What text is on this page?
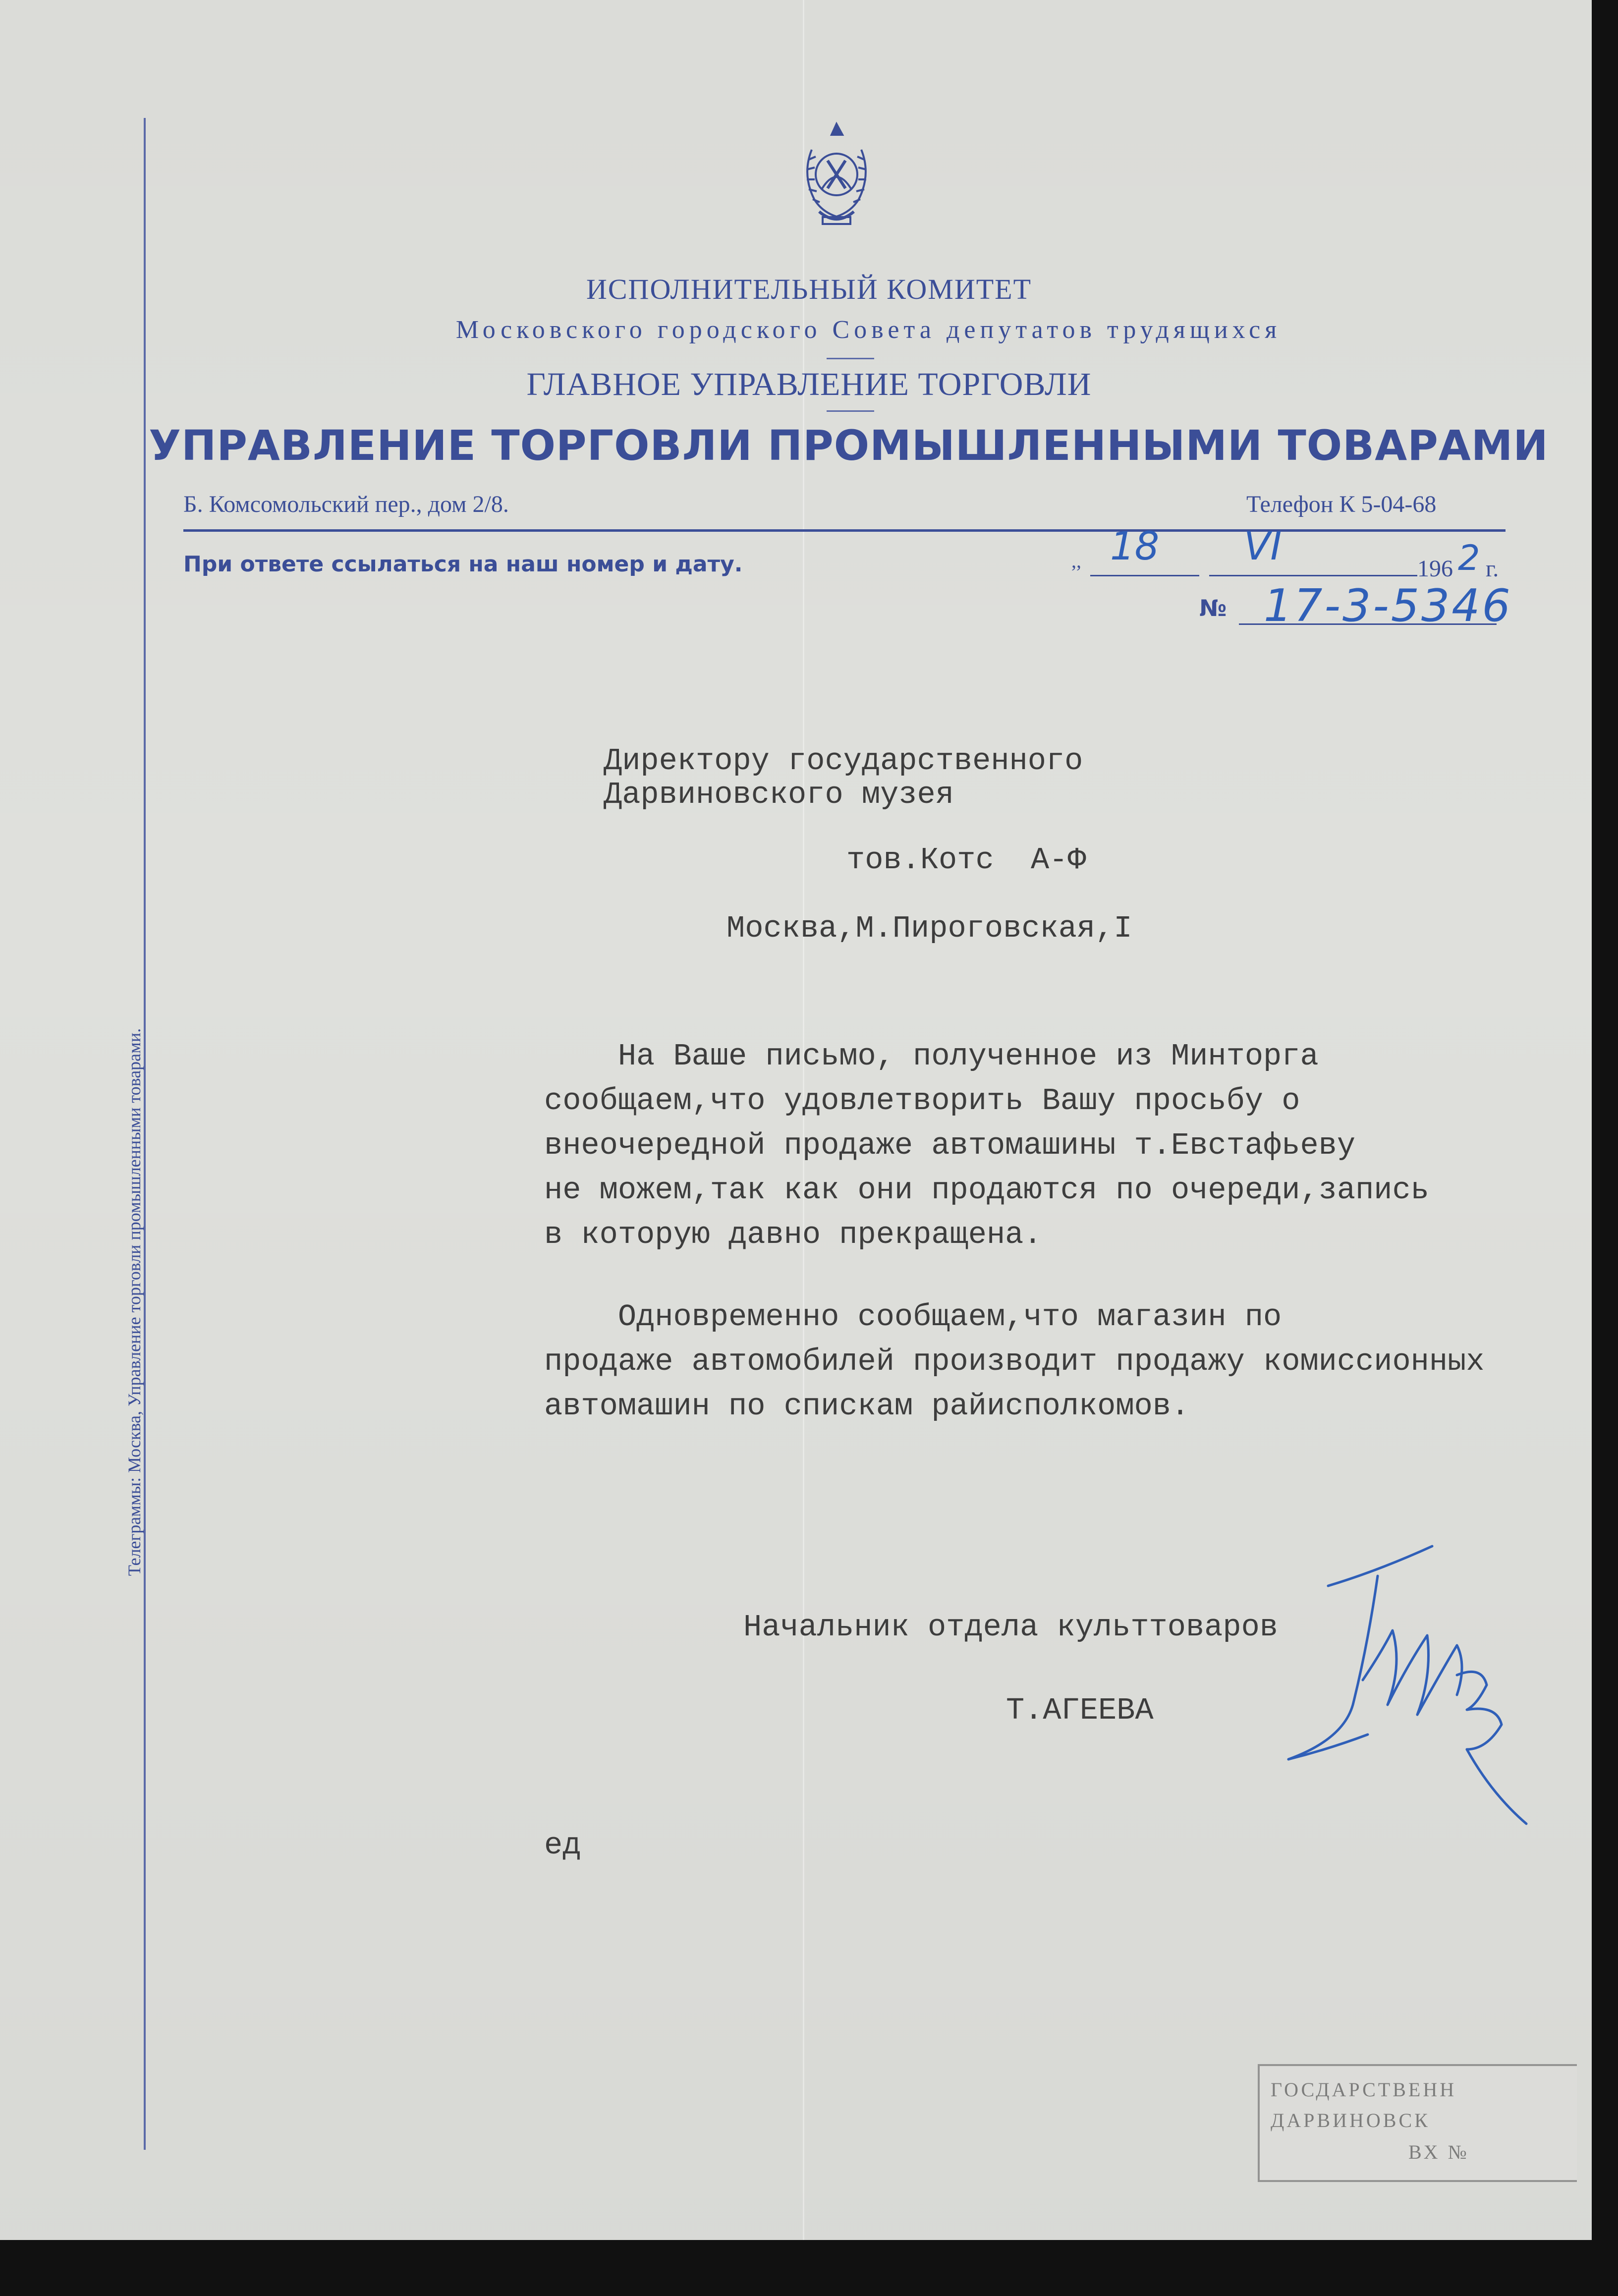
Телеграммы: Москва, Управление торговли промышленными товарами.
ИСПОЛНИТЕЛЬНЫЙ КОМИТЕТ
Московского городского Совета депутатов трудящихся
ГЛАВНОЕ УПРАВЛЕНИЕ ТОРГОВЛИ
УПРАВЛЕНИЕ ТОРГОВЛИ ПРОМЫШЛЕННЫМИ ТОВАРАМИ
Б. Комсомольский пер., дом 2/8.	Телефон К 5-04-68
При ответе ссылаться на наш номер и дату.	,, 18 VI	196 2 г.
№ 17-3-5346
Директору государственного
Дарвиновского музея
тов.Котс  А-Ф
Москва,М.Пироговская,I
На Ваше письмо, полученное из Минторга
сообщаем,что удовлетворить Вашу просьбу о
внеочередной продаже автомашины т.Евстафьеву
не можем,так как они продаются по очереди,запись
в которую давно прекращена.
Одновременно сообщаем,что магазин по
продаже автомобилей производит продажу комиссионных
автомашин по спискам райисполкомов.
Начальник отдела культтоваров
Т.АГЕЕВА
ед
ГОСДАРСТВЕНН
ДАРВИНОВСК
ВХ №
